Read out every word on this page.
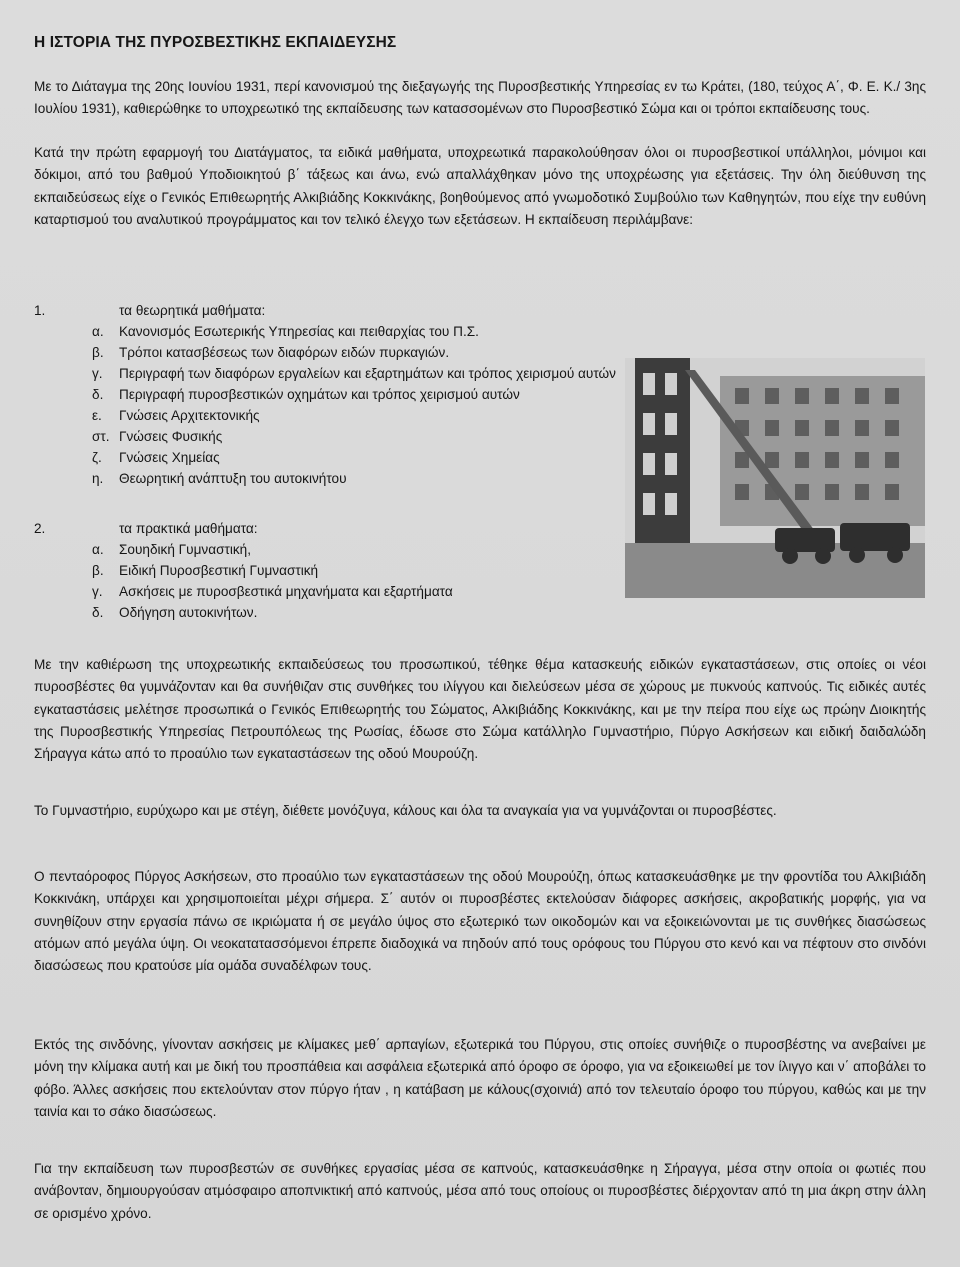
Η ΙΣΤΟΡΙΑ ΤΗΣ ΠΥΡΟΣΒΕΣΤΙΚΗΣ ΕΚΠΑΙΔΕΥΣΗΣ

Με το Διάταγμα της 20ης Ιουνίου 1931, περί κανονισμού της διεξαγωγής της Πυροσβεστικής Υπηρεσίας εν τω Κράτει, (180, τεύχος Α΄, Φ. Ε. Κ./ 3ης Ιουλίου 1931), καθιερώθηκε το υποχρεωτικό της εκπαίδευσης των κατασσομένων στο Πυροσβεστικό Σώμα και οι τρόποι εκπαίδευσης τους.

Κατά την πρώτη εφαρμογή του Διατάγματος, τα ειδικά μαθήματα, υποχρεωτικά παρακολούθησαν όλοι οι πυροσβεστικοί υπάλληλοι, μόνιμοι και δόκιμοι, από του βαθμού Υποδιοικητού β΄ τάξεως και άνω, ενώ απαλλάχθηκαν μόνο της υποχρέωσης για εξετάσεις. Την όλη διεύθυνση της εκπαιδεύσεως είχε ο Γενικός Επιθεωρητής Αλκιβιάδης Κοκκινάκης, βοηθούμενος από γνωμοδοτικό Συμβούλιο των Καθηγητών, που είχε την ευθύνη καταρτισμού του αναλυτικού προγράμματος και τον τελικό έλεγχο των εξετάσεων. Η εκπαίδευση περιλάμβανε:

1.	τα θεωρητικά μαθήματα:
α. Κανονισμός Εσωτερικής Υπηρεσίας και πειθαρχίας του Π.Σ.
β. Τρόποι κατασβέσεως των διαφόρων ειδών πυρκαγιών.
γ. Περιγραφή των διαφόρων εργαλείων και εξαρτημάτων και τρόπος χειρισμού αυτών
δ. Περιγραφή πυροσβεστικών οχημάτων και τρόπος χειρισμού αυτών
ε. Γνώσεις Αρχιτεκτονικής
στ. Γνώσεις Φυσικής
ζ. Γνώσεις Χημείας
η. Θεωρητική ανάπτυξη του αυτοκινήτου
2.	τα πρακτικά μαθήματα:
α. Σουηδική Γυμναστική,
β. Ειδική Πυροσβεστική Γυμναστική
γ. Ασκήσεις με πυροσβεστικά μηχανήματα και εξαρτήματα
δ. Οδήγηση αυτοκινήτων.

Με την καθιέρωση της υποχρεωτικής εκπαιδεύσεως του προσωπικού, τέθηκε θέμα κατασκευής ειδικών εγκαταστάσεων, στις οποίες οι νέοι πυροσβέστες θα γυμνάζονταν και θα συνήθιζαν στις συνθήκες του ιλίγγου και διελεύσεων μέσα σε χώρους με πυκνούς καπνούς. Τις ειδικές αυτές εγκαταστάσεις μελέτησε προσωπικά ο Γενικός Επιθεωρητής του Σώματος, Αλκιβιάδης Κοκκινάκης, και με την πείρα που είχε ως πρώην Διοικητής της Πυροσβεστικής Υπηρεσίας Πετρουπόλεως της Ρωσίας, έδωσε στο Σώμα κατάλληλο Γυμναστήριο, Πύργο Ασκήσεων και ειδική δαιδαλώδη Σήραγγα κάτω από το προαύλιο των εγκαταστάσεων της οδού Μουρούζη.

Το Γυμναστήριο, ευρύχωρο και με στέγη, διέθετε μονόζυγα, κάλους και όλα τα αναγκαία για να γυμνάζονται οι πυροσβέστες.

Ο πενταόροφος Πύργος Ασκήσεων, στο προαύλιο των εγκαταστάσεων της οδού Μουρούζη, όπως κατασκευάσθηκε με την φροντίδα του Αλκιβιάδη Κοκκινάκη, υπάρχει και χρησιμοποιείται μέχρι σήμερα. Σ΄ αυτόν οι πυροσβέστες εκτελούσαν διάφορες ασκήσεις, ακροβατικής μορφής, για να συνηθίζουν στην εργασία πάνω σε ικριώματα ή σε μεγάλο ύψος στο εξωτερικό των οικοδομών και να εξοικειώνονται με τις συνθήκες διασώσεως ατόμων από μεγάλα ύψη. Οι νεοκατατασσόμενοι έπρεπε διαδοχικά να πηδούν από τους ορόφους του Πύργου στο κενό και να πέφτουν στο σινδόνι διασώσεως που κρατούσε μία ομάδα συναδέλφων τους.

Εκτός της σινδόνης, γίνονταν ασκήσεις με κλίμακες μεθ΄ αρπαγίων, εξωτερικά του Πύργου, στις οποίες συνήθιζε ο πυροσβέστης να ανεβαίνει με μόνη την κλίμακα αυτή και με δική του προσπάθεια και ασφάλεια εξωτερικά από όροφο σε όροφο, για να εξοικειωθεί με τον ίλιγγο και ν΄ αποβάλει το φόβο. Άλλες ασκήσεις που εκτελούνταν στον πύργο ήταν , η κατάβαση με κάλους(σχοινιά) από τον τελευταίο όροφο του πύργου, καθώς και με την ταινία και το σάκο διασώσεως.

Για την εκπαίδευση των πυροσβεστών σε συνθήκες εργασίας μέσα σε καπνούς, κατασκευάσθηκε η Σήραγγα, μέσα στην οποία οι φωτιές που ανάβονταν, δημιουργούσαν ατμόσφαιρο αποπνικτική από καπνούς, μέσα από τους οποίους οι πυροσβέστες διέρχονταν από τη μια άκρη στην άλλη σε ορισμένο χρόνο.
